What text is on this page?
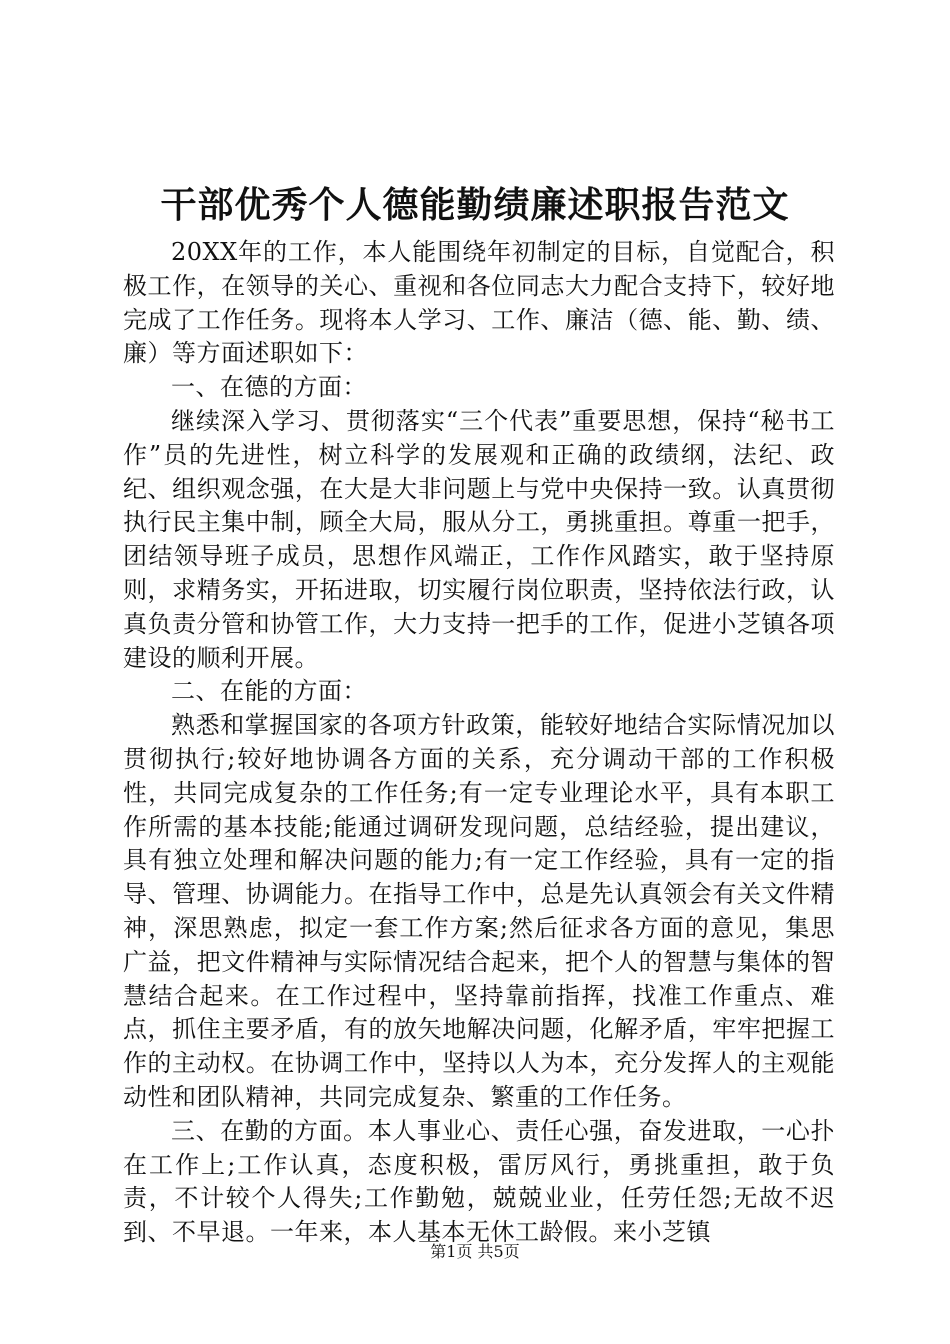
干部优秀个人德能勤绩廉述职报告范文

20XX年的工作，本人能围绕年初制定的目标，自觉配合，积极工作，在领导的关心、重视和各位同志大力配合支持下，较好地完成了工作任务。现将本人学习、工作、廉洁（德、能、勤、绩、廉）等方面述职如下：

一、在德的方面：

继续深入学习、贯彻落实“三个代表”重要思想，保持“秘书工作”员的先进性，树立科学的发展观和正确的政绩纲，法纪、政纪、组织观念强，在大是大非问题上与党中央保持一致。认真贯彻执行民主集中制，顾全大局，服从分工，勇挑重担。尊重一把手，团结领导班子成员，思想作风端正，工作作风踏实，敢于坚持原则，求精务实，开拓进取，切实履行岗位职责，坚持依法行政，认真负责分管和协管工作，大力支持一把手的工作，促进小芝镇各项建设的顺利开展。

二、在能的方面：

熟悉和掌握国家的各项方针政策，能较好地结合实际情况加以贯彻执行;较好地协调各方面的关系，充分调动干部的工作积极性，共同完成复杂的工作任务;有一定专业理论水平，具有本职工作所需的基本技能;能通过调研发现问题，总结经验，提出建议，具有独立处理和解决问题的能力;有一定工作经验，具有一定的指导、管理、协调能力。在指导工作中，总是先认真领会有关文件精神，深思熟虑，拟定一套工作方案;然后征求各方面的意见，集思广益，把文件精神与实际情况结合起来，把个人的智慧与集体的智慧结合起来。在工作过程中，坚持靠前指挥，找准工作重点、难点，抓住主要矛盾，有的放矢地解决问题，化解矛盾，牢牢把握工作的主动权。在协调工作中，坚持以人为本，充分发挥人的主观能动性和团队精神，共同完成复杂、繁重的工作任务。

三、在勤的方面。本人事业心、责任心强，奋发进取，一心扑在工作上;工作认真，态度积极，雷厉风行，勇挑重担，敢于负责，不计较个人得失;工作勤勉，兢兢业业，任劳任怨;无故不迟到、不早退。一年来，本人基本无休工龄假。来小芝镇

第1页 共5页
